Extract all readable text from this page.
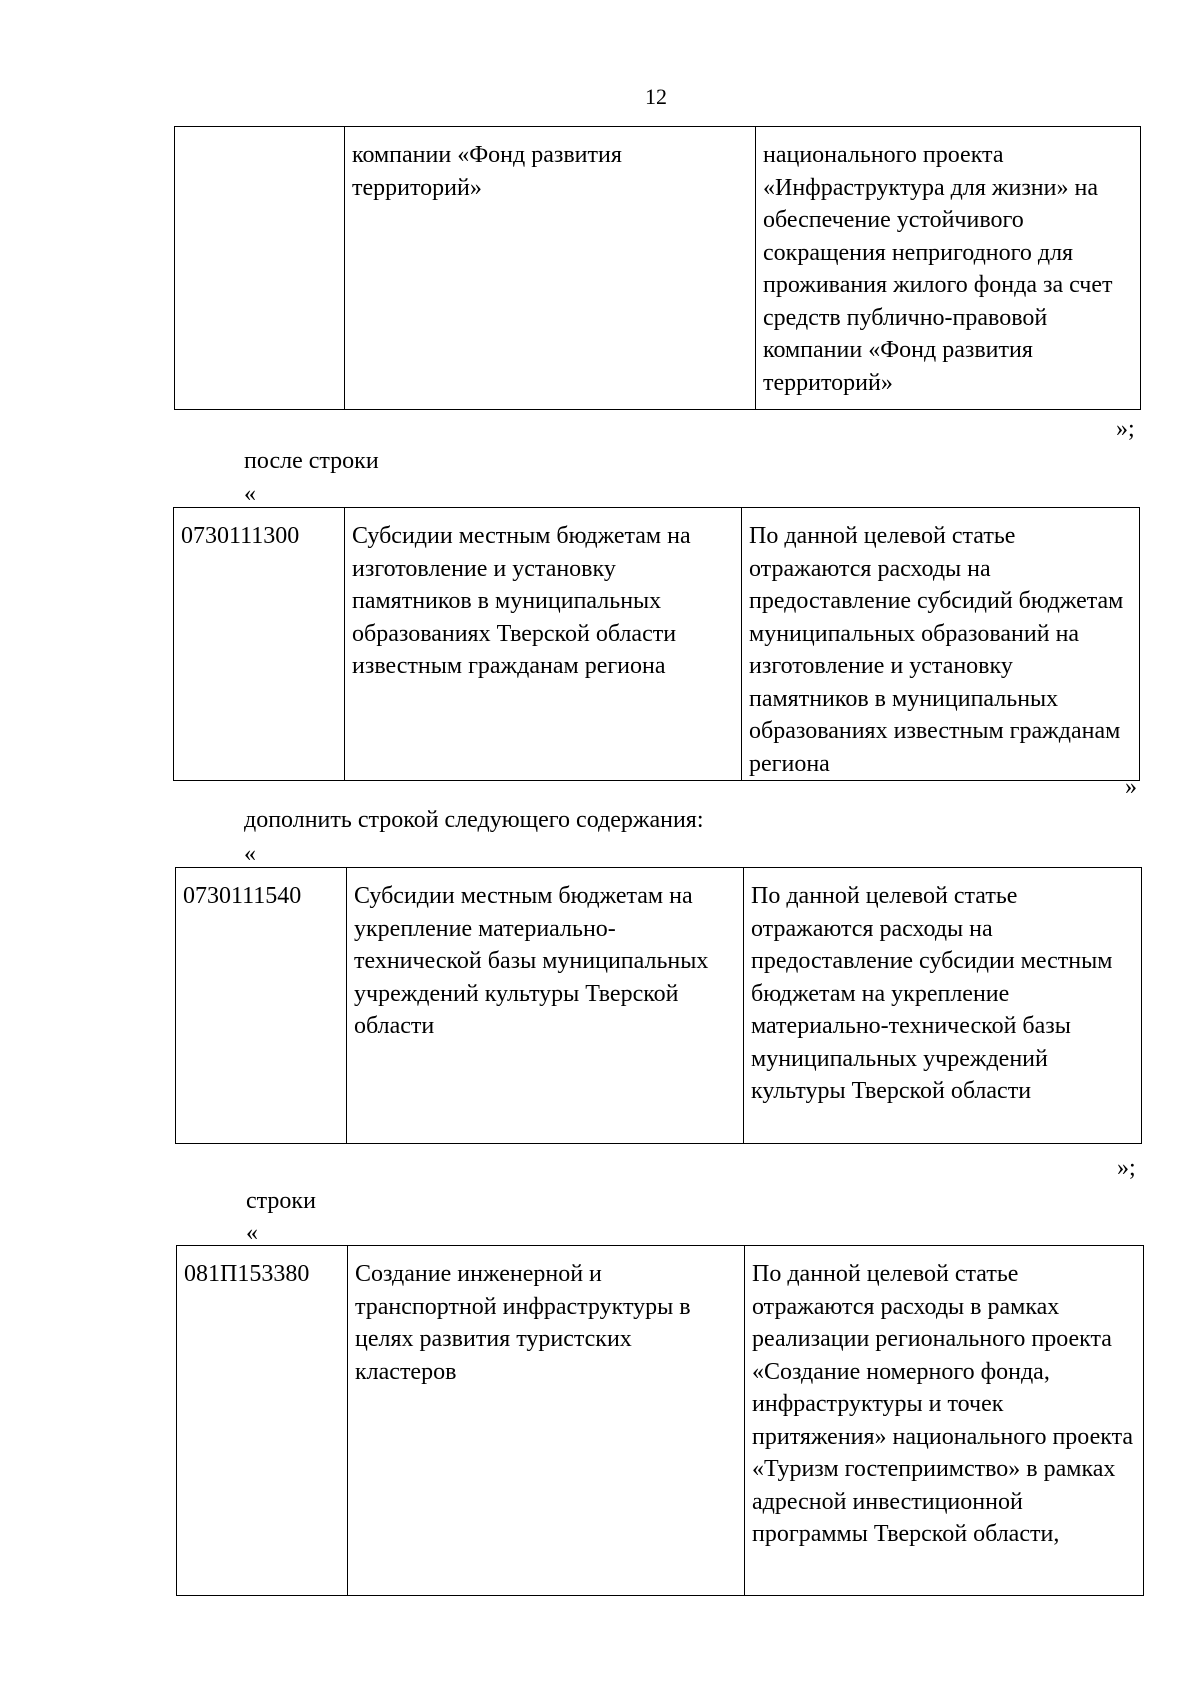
12
	компании «Фонд развития территорий»	национального проекта «Инфраструктура для жизни» на обеспечение устойчивого сокращения непригодного для проживания жилого фонда за счет средств публично-правовой компании «Фонд развития территорий»
»;
после строки
«
0730111300	Субсидии местным бюджетам на изготовление и установку памятников в муниципальных образованиях Тверской области известным гражданам региона	По данной целевой статье отражаются расходы на предоставление субсидий бюджетам муниципальных образований на изготовление и установку памятников в муниципальных образованиях известным гражданам региона
»
дополнить строкой следующего содержания:
«
0730111540	Субсидии местным бюджетам на укрепление материально-технической базы муниципальных учреждений культуры Тверской области	По данной целевой статье отражаются расходы на предоставление субсидии местным бюджетам на укрепление материально-технической базы муниципальных учреждений культуры Тверской области
»;
строки
«
081П153380	Создание инженерной и транспортной инфраструктуры в целях развития туристских кластеров	По данной целевой статье отражаются расходы в рамках реализации регионального проекта «Создание номерного фонда, инфраструктуры и точек притяжения» национального проекта «Туризм гостеприимство» в рамках адресной инвестиционной программы Тверской области,
